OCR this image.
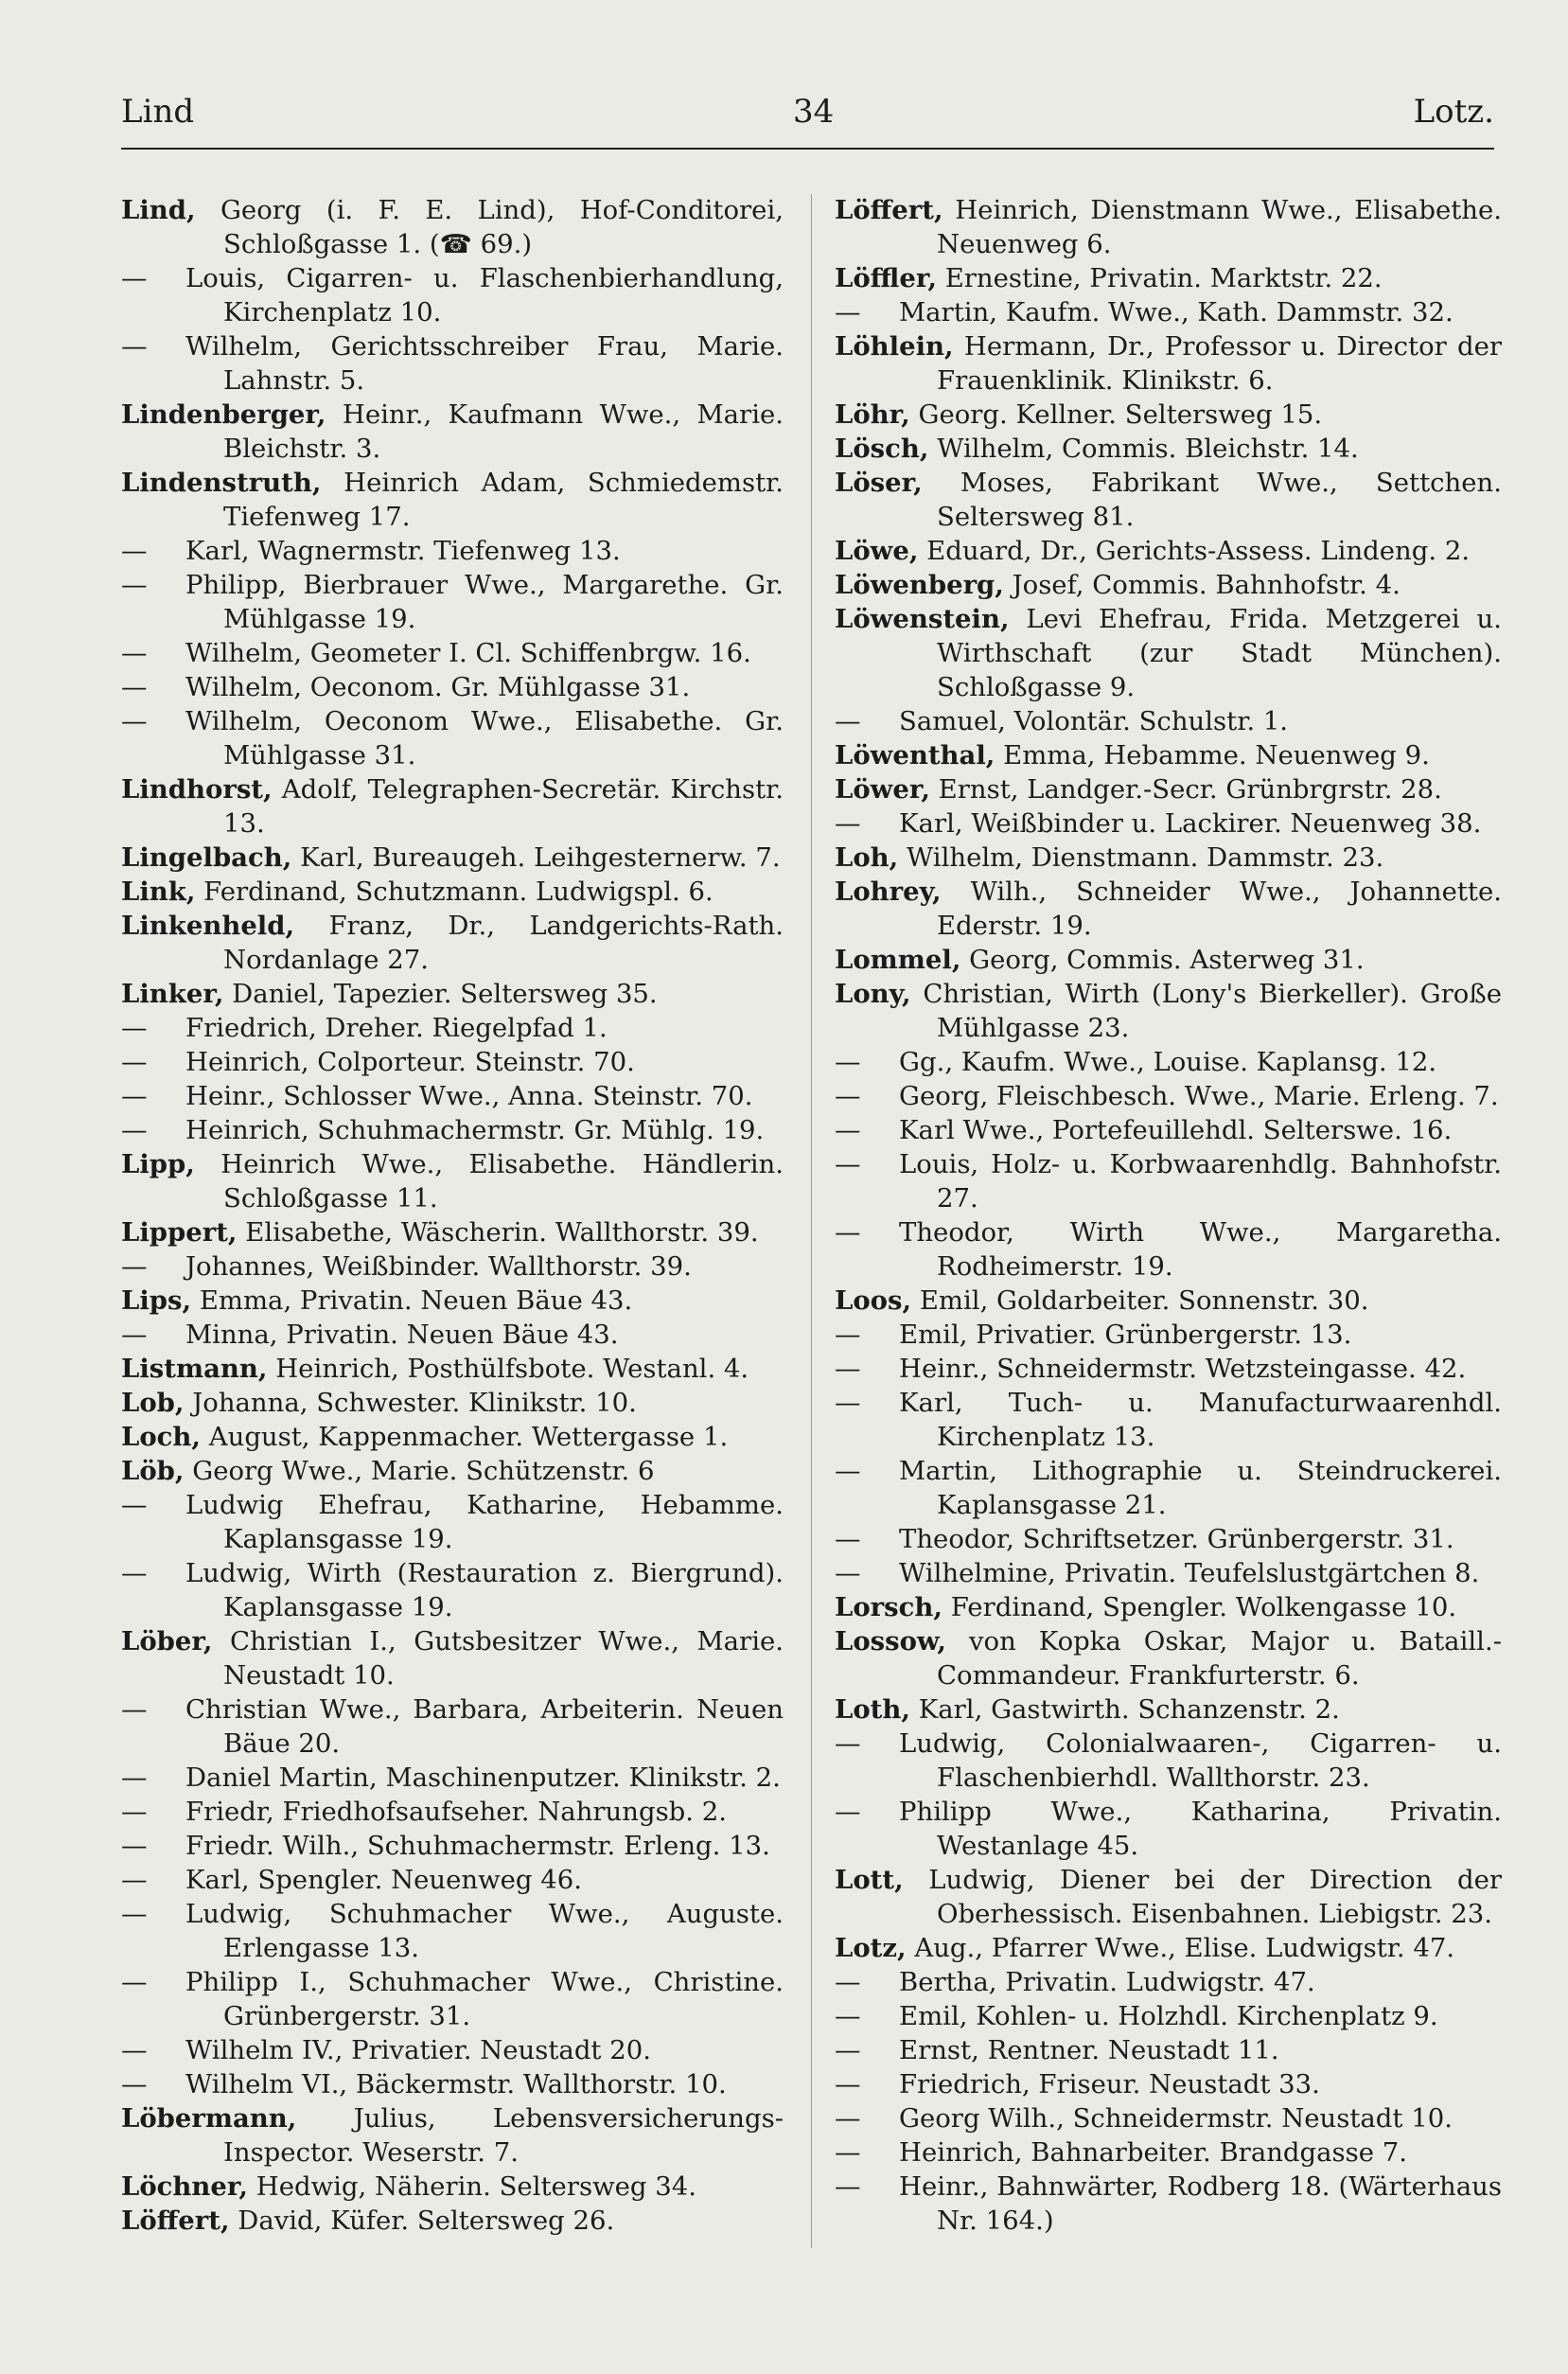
Lind	34	Lotz.

Lind, Georg (i. F. E. Lind), Hof-Conditorei, Schloßgasse 1. (☎ 69.)

— Louis, Cigarren- u. Flaschenbierhandlung, Kirchenplatz 10.

— Wilhelm, Gerichtsschreiber Frau, Marie. Lahnstr. 5.

Lindenberger, Heinr., Kaufmann Wwe., Marie. Bleichstr. 3.

Lindenstruth, Heinrich Adam, Schmiedemstr. Tiefenweg 17.

— Karl, Wagnermstr. Tiefenweg 13.

— Philipp, Bierbrauer Wwe., Margarethe. Gr. Mühlgasse 19.

— Wilhelm, Geometer I. Cl. Schiffenbrgw. 16.

— Wilhelm, Oeconom. Gr. Mühlgasse 31.

— Wilhelm, Oeconom Wwe., Elisabethe. Gr. Mühlgasse 31.

Lindhorst, Adolf, Telegraphen-Secretär. Kirchstr. 13.

Lingelbach, Karl, Bureaugeh. Leihgesternerw. 7.

Link, Ferdinand, Schutzmann. Ludwigspl. 6.

Linkenheld, Franz, Dr., Landgerichts-Rath. Nordanlage 27.

Linker, Daniel, Tapezier. Seltersweg 35.

— Friedrich, Dreher. Riegelpfad 1.

— Heinrich, Colporteur. Steinstr. 70.

— Heinr., Schlosser Wwe., Anna. Steinstr. 70.

— Heinrich, Schuhmachermstr. Gr. Mühlg. 19.

Lipp, Heinrich Wwe., Elisabethe. Händlerin. Schloßgasse 11.

Lippert, Elisabethe, Wäscherin. Wallthorstr. 39.

— Johannes, Weißbinder. Wallthorstr. 39.

Lips, Emma, Privatin. Neuen Bäue 43.

— Minna, Privatin. Neuen Bäue 43.

Listmann, Heinrich, Posthülfsbote. Westanl. 4.

Lob, Johanna, Schwester. Klinikstr. 10.

Loch, August, Kappenmacher. Wettergasse 1.

Löb, Georg Wwe., Marie. Schützenstr. 6

— Ludwig Ehefrau, Katharine, Hebamme. Kaplansgasse 19.

— Ludwig, Wirth (Restauration z. Biergrund). Kaplansgasse 19.

Löber, Christian I., Gutsbesitzer Wwe., Marie. Neustadt 10.

— Christian Wwe., Barbara, Arbeiterin. Neuen Bäue 20.

— Daniel Martin, Maschinenputzer. Klinikstr. 2.

— Friedr, Friedhofsaufseher. Nahrungsb. 2.

— Friedr. Wilh., Schuhmachermstr. Erleng. 13.

— Karl, Spengler. Neuenweg 46.

— Ludwig, Schuhmacher Wwe., Auguste. Erlengasse 13.

— Philipp I., Schuhmacher Wwe., Christine. Grünbergerstr. 31.

— Wilhelm IV., Privatier. Neustadt 20.

— Wilhelm VI., Bäckermstr. Wallthorstr. 10.

Löbermann, Julius, Lebensversicherungs-Inspector. Weserstr. 7.

Löchner, Hedwig, Näherin. Selterswe​g 34.

Löffert, David, Küfer. Selterswe​g 26.

Löffert, Heinrich, Dienstmann Wwe., Elisabethe. Neuenweg 6.

Löffler, Ernestine, Privatin. Marktstr. 22.

— Martin, Kaufm. Wwe., Kath. Dammstr. 32.

Löhlein, Hermann, Dr., Professor u. Director der Frauenklinik. Klinikstr. 6.

Löhr, Georg. Kellner. Selterswe​g 15.

Lösch, Wilhelm, Commis. Bleichstr. 14.

Löser, Moses, Fabrikant Wwe., Settchen. Selterswe​g 81.

Löwe, Eduard, Dr., Gerichts-Assess. Lindeng. 2.

Löwenberg, Josef, Commis. Bahnhofstr. 4.

Löwenstein, Levi Ehefrau, Frida. Metzgerei u. Wirthschaft (zur Stadt München). Schloßgasse 9.

— Samuel, Volontär. Schulstr. 1.

Löwenthal, Emma, Hebamme. Neuenweg 9.

Löwer, Ernst, Landger.-Secr. Grünbrgrstr. 28.

— Karl, Weißbinder u. Lackirer. Neuenweg 38.

Loh, Wilhelm, Dienstmann. Dammstr. 23.

Lohrey, Wilh., Schneider Wwe., Johannette. Ederstr. 19.

Lommel, Georg, Commis. Asterweg 31.

Lony, Christian, Wirth (Lony's Bierkeller). Große Mühlgasse 23.

— Gg., Kaufm. Wwe., Louise. Kaplansg. 12.

— Georg, Fleischbesch. Wwe., Marie. Erleng. 7.

— Karl Wwe., Portefeuillehdl. Selterswe. 16.

— Louis, Holz- u. Korbwaarenhdlg. Bahnhofstr. 27.

— Theodor, Wirth Wwe., Margaretha. Rodheimerstr. 19.

Loos, Emil, Goldarbeiter. Sonnenstr. 30.

— Emil, Privatier. Grünbergerstr. 13.

— Heinr., Schneidermstr. Wetzsteingasse. 42.

— Karl, Tuch- u. Manufacturwaarenhdl. Kirchenplatz 13.

— Martin, Lithographie u. Steindruckerei. Kaplansgasse 21.

— Theodor, Schriftsetzer. Grünbergerstr. 31.

— Wilhelmine, Privatin. Teufelslustgärtchen 8.

Lorsch, Ferdinand, Spengler. Wolkengasse 10.

Lossow, von Kopka Oskar, Major u. Bataill.-Commandeur. Frankfurterstr. 6.

Loth, Karl, Gastwirth. Schanzenstr. 2.

— Ludwig, Colonialwaaren-, Cigarren- u. Flaschenbierhdl. Wallthorstr. 23.

— Philipp Wwe., Katharina, Privatin. Westanlage 45.

Lott, Ludwig, Diener bei der Direction der Oberhessisch. Eisenbahnen. Liebigstr. 23.

Lotz, Aug., Pfarrer Wwe., Elise. Ludwigstr. 47.

— Bertha, Privatin. Ludwigstr. 47.

— Emil, Kohlen- u. Holzhdl. Kirchenplatz 9.

— Ernst, Rentner. Neustadt 11.

— Friedrich, Friseur. Neustadt 33.

— Georg Wilh., Schneidermstr. Neustadt 10.

— Heinrich, Bahnarbeiter. Brandgasse 7.

— Heinr., Bahnwärter, Rodberg 18. (Wärterhaus Nr. 164.)
